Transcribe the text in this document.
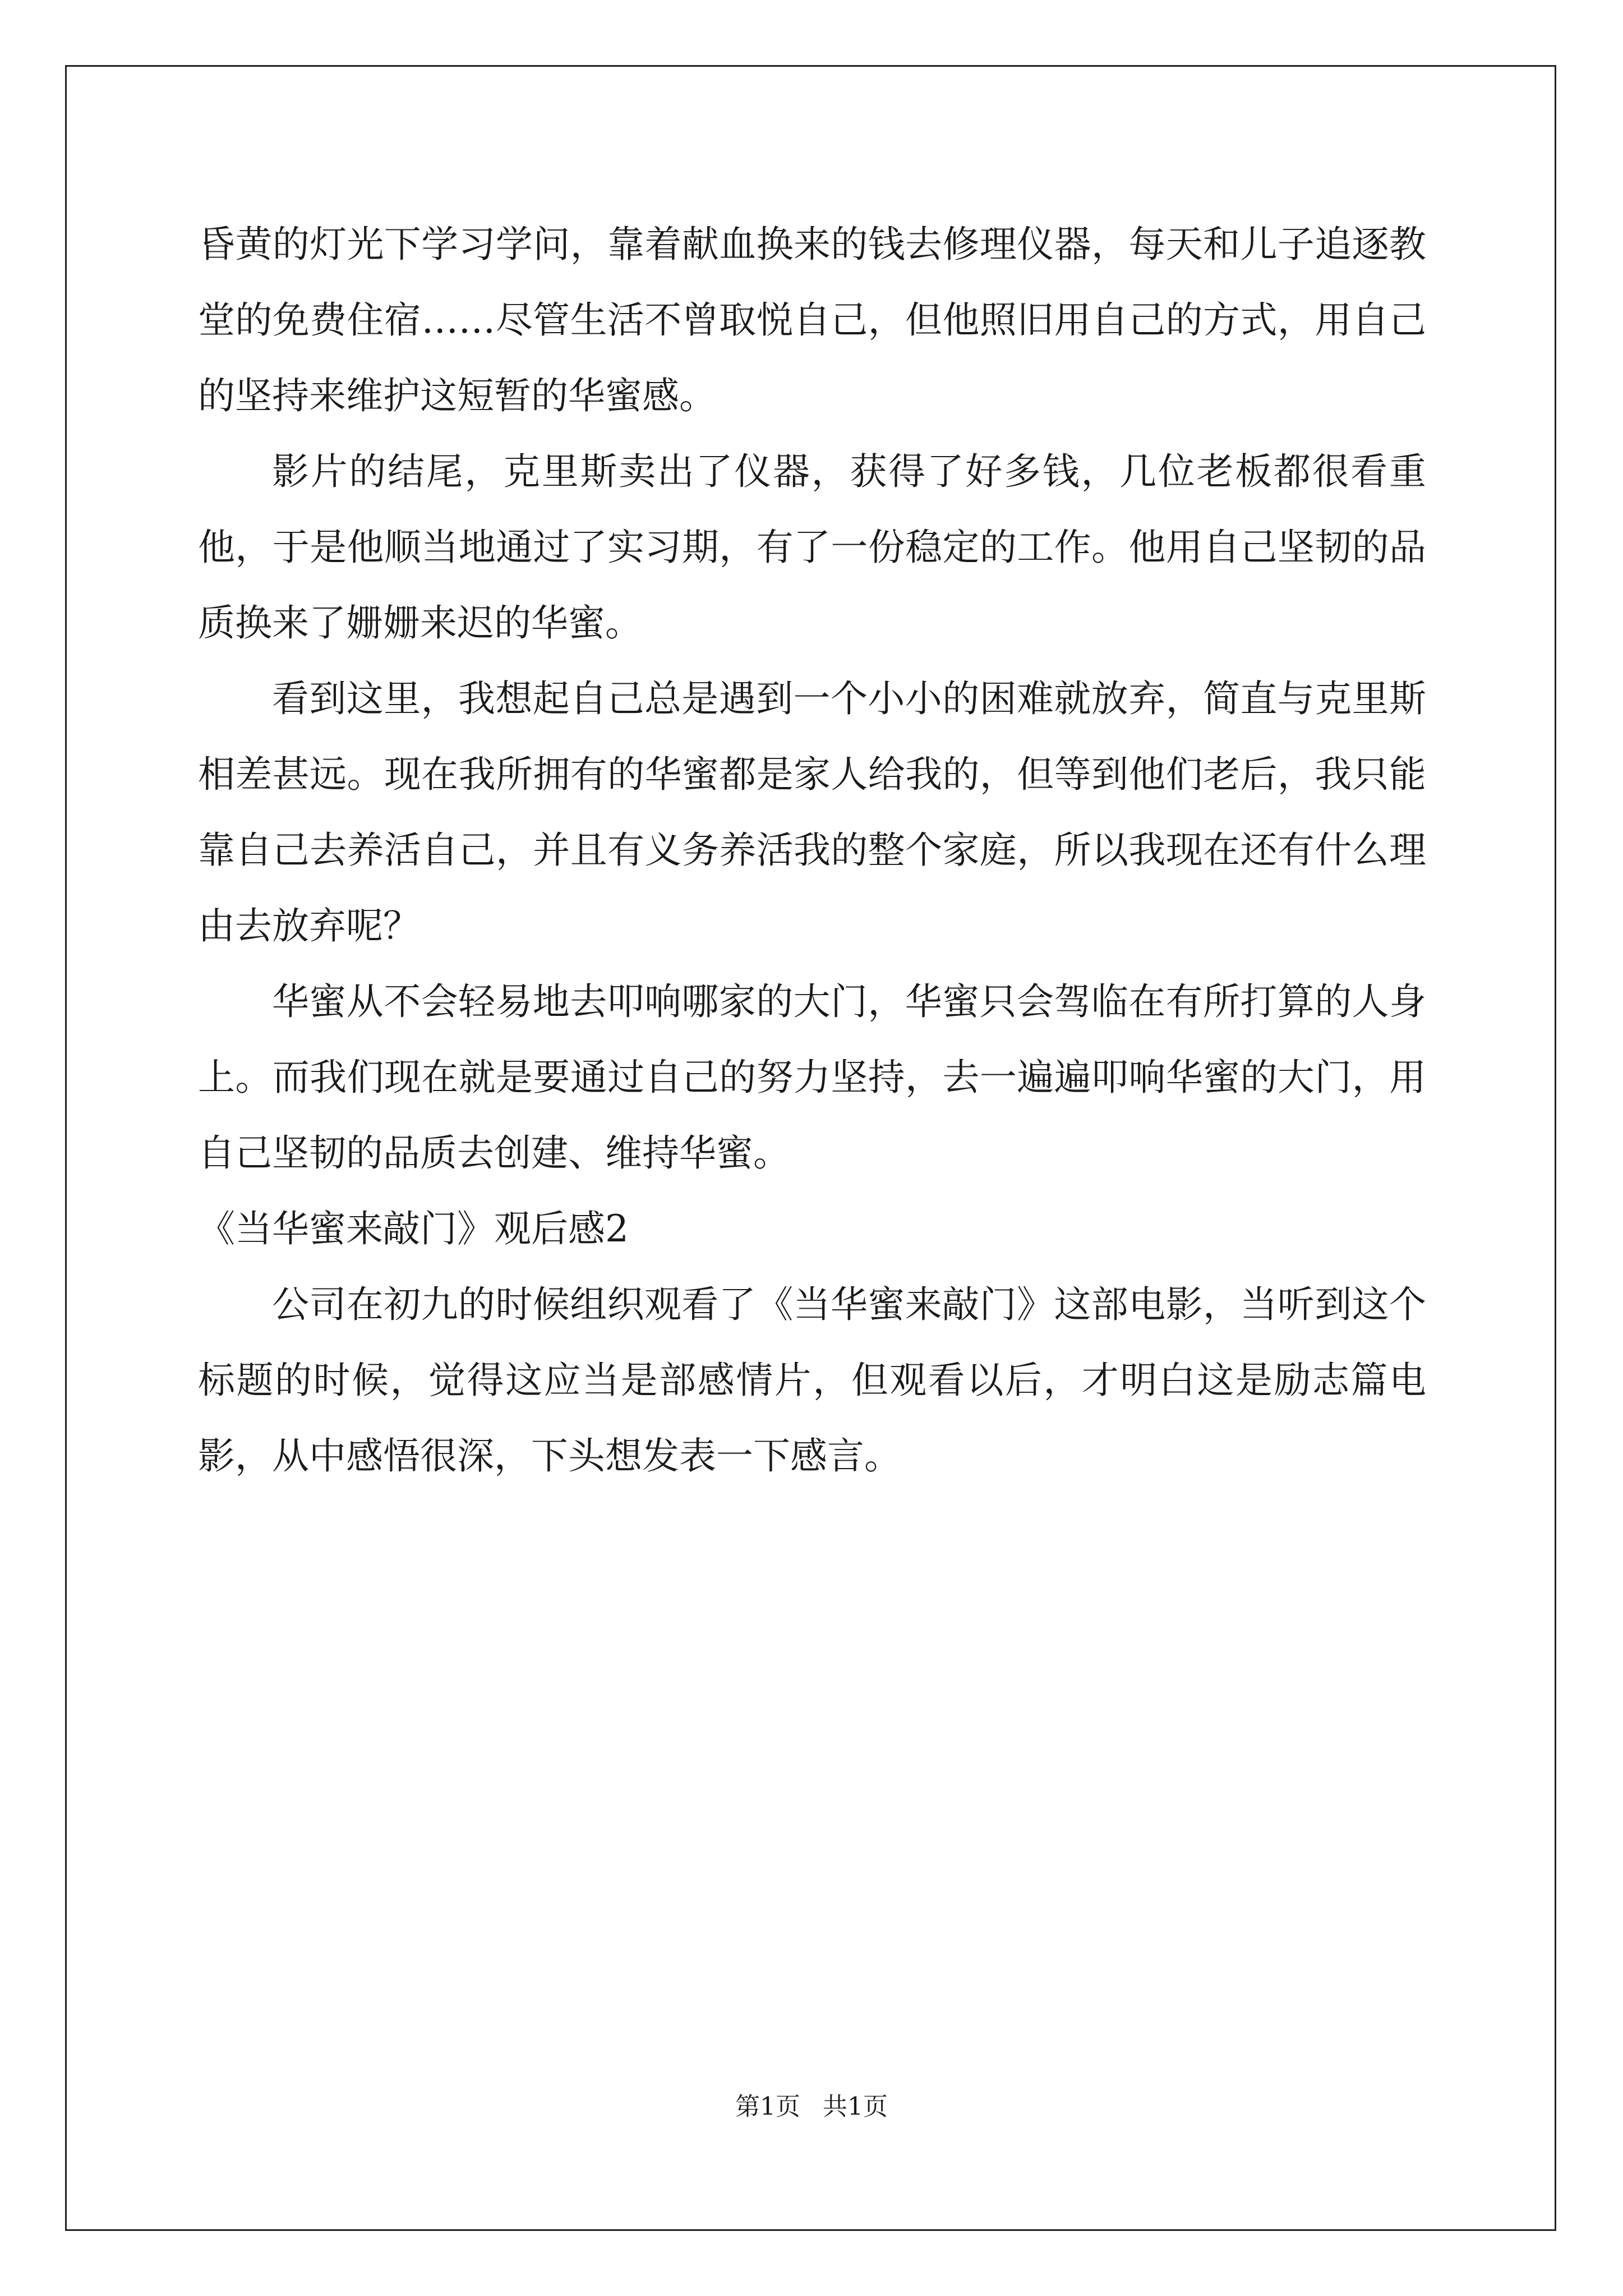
昏黄的灯光下学习学问，靠着献血换来的钱去修理仪器，每天和儿子追逐教堂的免费住宿……尽管生活不曾取悦自己，但他照旧用自己的方式，用自己的坚持来维护这短暂的华蜜感。

影片的结尾，克里斯卖出了仪器，获得了好多钱，几位老板都很看重他，于是他顺当地通过了实习期，有了一份稳定的工作。他用自己坚韧的品质换来了姗姗来迟的华蜜。

看到这里，我想起自己总是遇到一个小小的困难就放弃，简直与克里斯相差甚远。现在我所拥有的华蜜都是家人给我的，但等到他们老后，我只能靠自己去养活自己，并且有义务养活我的整个家庭，所以我现在还有什么理由去放弃呢？

华蜜从不会轻易地去叩响哪家的大门，华蜜只会驾临在有所打算的人身上。而我们现在就是要通过自己的努力坚持，去一遍遍叩响华蜜的大门，用自己坚韧的品质去创建、维持华蜜。

《当华蜜来敲门》观后感2

公司在初九的时候组织观看了《当华蜜来敲门》这部电影，当听到这个标题的时候，觉得这应当是部感情片，但观看以后，才明白这是励志篇电影，从中感悟很深，下头想发表一下感言。

第1页 共1页
